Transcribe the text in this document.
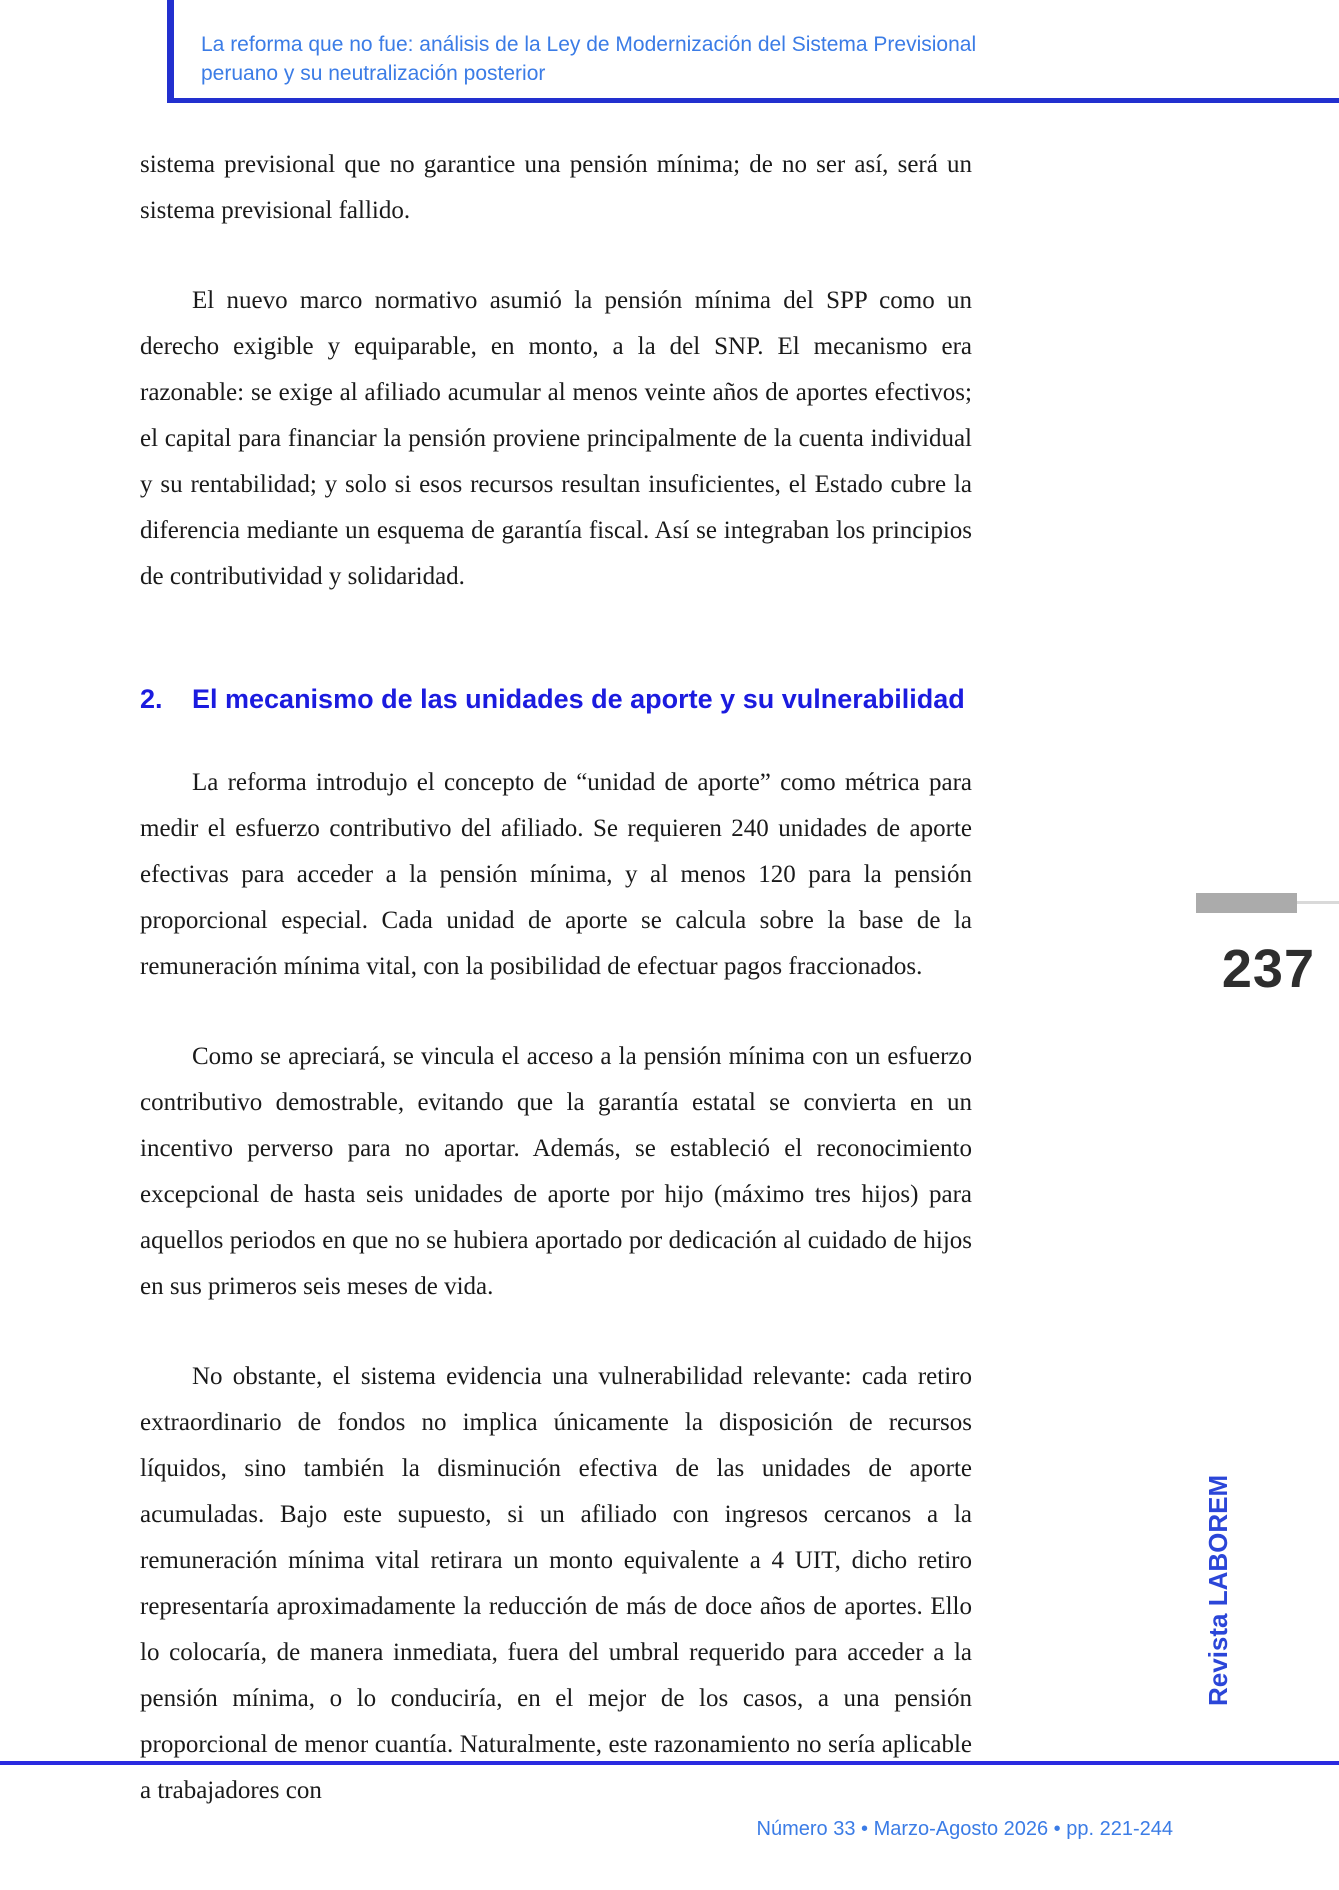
La reforma que no fue: análisis de la Ley de Modernización del Sistema Previsional
peruano y su neutralización posterior

sistema previsional que no garantice una pensión mínima; de no ser así, será un sistema previsional fallido.

El nuevo marco normativo asumió la pensión mínima del SPP como un derecho exigible y equiparable, en monto, a la del SNP. El mecanismo era razonable: se exige al afiliado acumular al menos veinte años de aportes efectivos; el capital para financiar la pensión proviene principalmente de la cuenta individual y su rentabilidad; y solo si esos recursos resultan insuficientes, el Estado cubre la diferencia mediante un esquema de garantía fiscal. Así se integraban los principios de contributividad y solidaridad.

2.	El mecanismo de las unidades de aporte y su vulnerabilidad

La reforma introdujo el concepto de “unidad de aporte” como métrica para medir el esfuerzo contributivo del afiliado. Se requieren 240 unidades de aporte efectivas para acceder a la pensión mínima, y al menos 120 para la pensión proporcional especial. Cada unidad de aporte se calcula sobre la base de la remuneración mínima vital, con la posibilidad de efectuar pagos fraccionados.

Como se apreciará, se vincula el acceso a la pensión mínima con un esfuerzo contributivo demostrable, evitando que la garantía estatal se convierta en un incentivo perverso para no aportar. Además, se estableció el reconocimiento excepcional de hasta seis unidades de aporte por hijo (máximo tres hijos) para aquellos periodos en que no se hubiera aportado por dedicación al cuidado de hijos en sus primeros seis meses de vida.

No obstante, el sistema evidencia una vulnerabilidad relevante: cada retiro extraordinario de fondos no implica únicamente la disposición de recursos líquidos, sino también la disminución efectiva de las unidades de aporte acumuladas. Bajo este supuesto, si un afiliado con ingresos cercanos a la remuneración mínima vital retirara un monto equivalente a 4 UIT, dicho retiro representaría aproximadamente la reducción de más de doce años de aportes. Ello lo colocaría, de manera inmediata, fuera del umbral requerido para acceder a la pensión mínima, o lo conduciría, en el mejor de los casos, a una pensión proporcional de menor cuantía. Naturalmente, este razonamiento no sería aplicable a trabajadores con

237
Revista LABOREM
Número 33 • Marzo-Agosto 2026 • pp. 221-244
